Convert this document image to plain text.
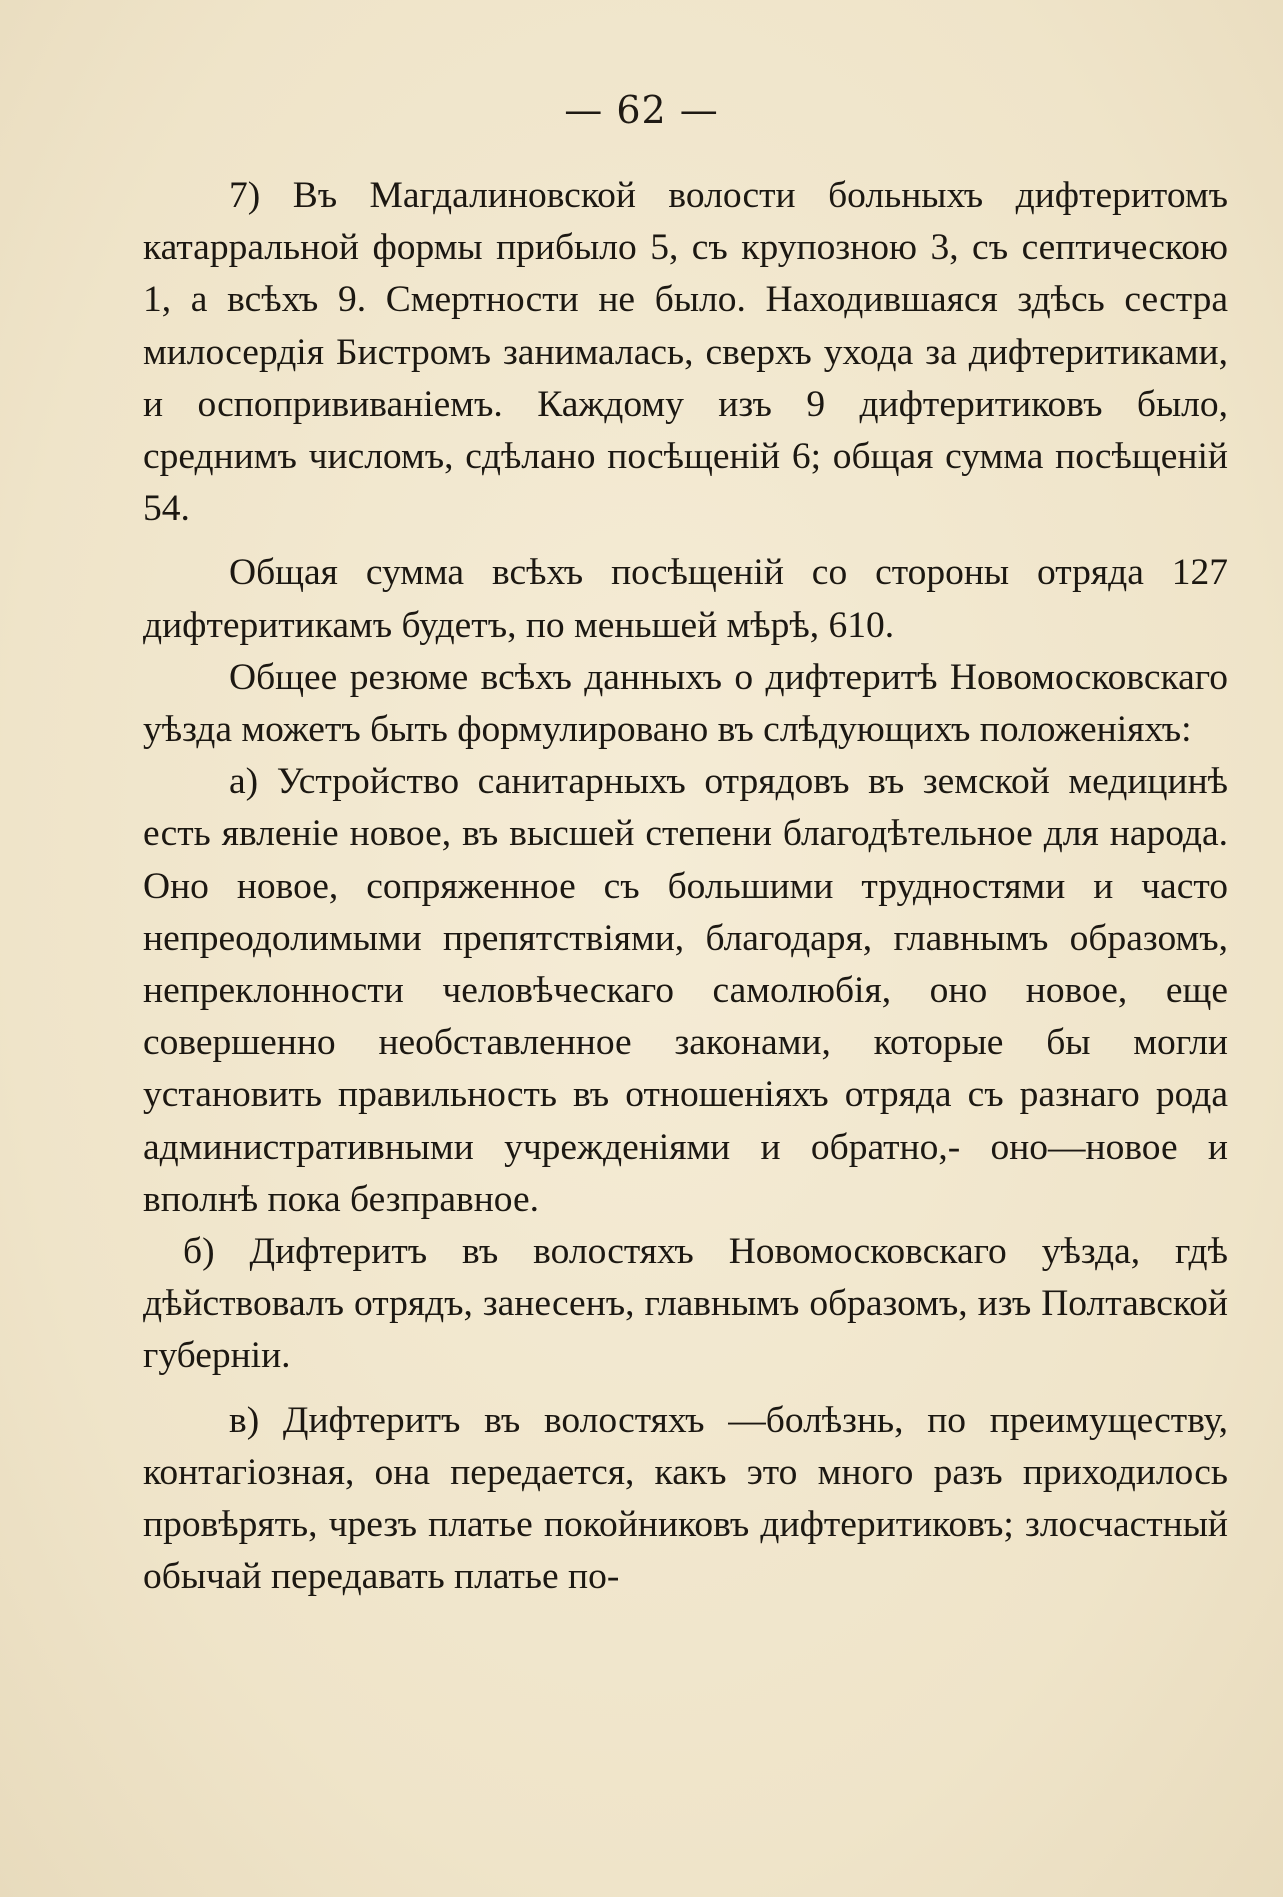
— 62 —

7) Въ Магдалиновской волости больныхъ дифтеритомъ катарральной формы прибыло 5, съ крупозною 3, съ септическою 1, а всѣхъ 9. Смертности не было. Находившаяся здѣсь сестра милосердія Бистромъ занималась, сверхъ ухода за дифтеритиками, и оспопрививаніемъ. Каждому изъ 9 дифтеритиковъ было, среднимъ числомъ, сдѣлано посѣщеній 6; общая сумма посѣщеній 54.

Общая сумма всѣхъ посѣщеній со стороны отряда 127 дифтеритикамъ будетъ, по меньшей мѣрѣ, 610.

Общее резюме всѣхъ данныхъ о дифтеритѣ Новомосковскаго уѣзда можетъ быть формулировано въ слѣдующихъ положеніяхъ:

а) Устройство санитарныхъ отрядовъ въ земской медицинѣ есть явленіе новое, въ высшей степени благодѣтельное для народа. Оно новое, сопряженное съ большими трудностями и часто непреодолимыми препятствіями, благодаря, главнымъ образомъ, непреклонности человѣческаго самолюбія, оно новое, еще совершенно необставленное законами, которые бы могли установить правильность въ отношеніяхъ отряда съ разнаго рода административными учрежденіями и обратно,- оно—новое и вполнѣ пока безправное.

б) Дифтеритъ въ волостяхъ Новомосковскаго уѣзда, гдѣ дѣйствовалъ отрядъ, занесенъ, главнымъ образомъ, изъ Полтавской губерніи.

в) Дифтеритъ въ волостяхъ —болѣзнь, по преимуществу, контагіозная, она передается, какъ это много разъ приходилось провѣрять, чрезъ платье покойниковъ дифтеритиковъ; злосчастный обычай передавать платье по-
